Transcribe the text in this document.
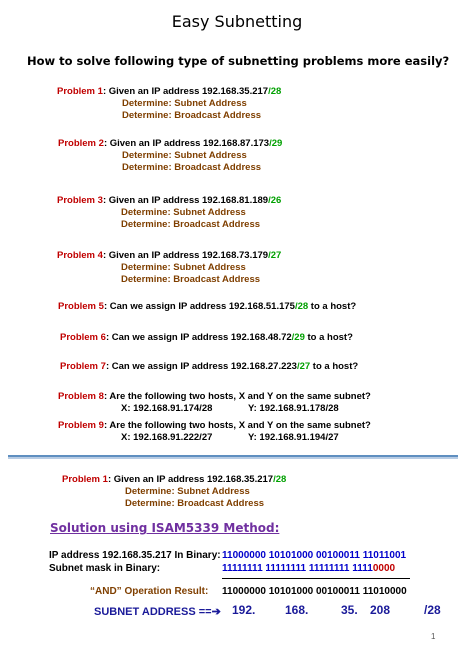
Easy Subnetting
How to solve following type of subnetting problems more easily?
Problem 1: Given an IP address 192.168.35.217/28
Determine: Subnet Address
Determine: Broadcast Address
Problem 2: Given an IP address 192.168.87.173/29
Determine: Subnet Address
Determine: Broadcast Address
Problem 3: Given an IP address 192.168.81.189/26
Determine: Subnet Address
Determine: Broadcast Address
Problem 4: Given an IP address 192.168.73.179/27
Determine: Subnet Address
Determine: Broadcast Address
Problem 5: Can we assign IP address 192.168.51.175/28 to a host?
Problem 6: Can we assign IP address 192.168.48.72/29 to a host?
Problem 7: Can we assign IP address 192.168.27.223/27 to a host?
Problem 8: Are the following two hosts, X and Y on the same subnet?
X: 192.168.91.174/28	Y: 192.168.91.178/28
Problem 9: Are the following two hosts, X and Y on the same subnet?
X: 192.168.91.222/27	Y: 192.168.91.194/27
Problem 1: Given an IP address 192.168.35.217/28
Determine: Subnet Address
Determine: Broadcast Address
Solution using ISAM5339 Method:
IP address 192.168.35.217 In Binary: 11000000 10101000 00100011 11011001
Subnet mask in Binary:	11111111 11111111 11111111 11110000
“AND” Operation Result: 11000000 10101000 00100011 11010000
SUBNET ADDRESS ==➔ 192. 168.	35. 208	/28
1
